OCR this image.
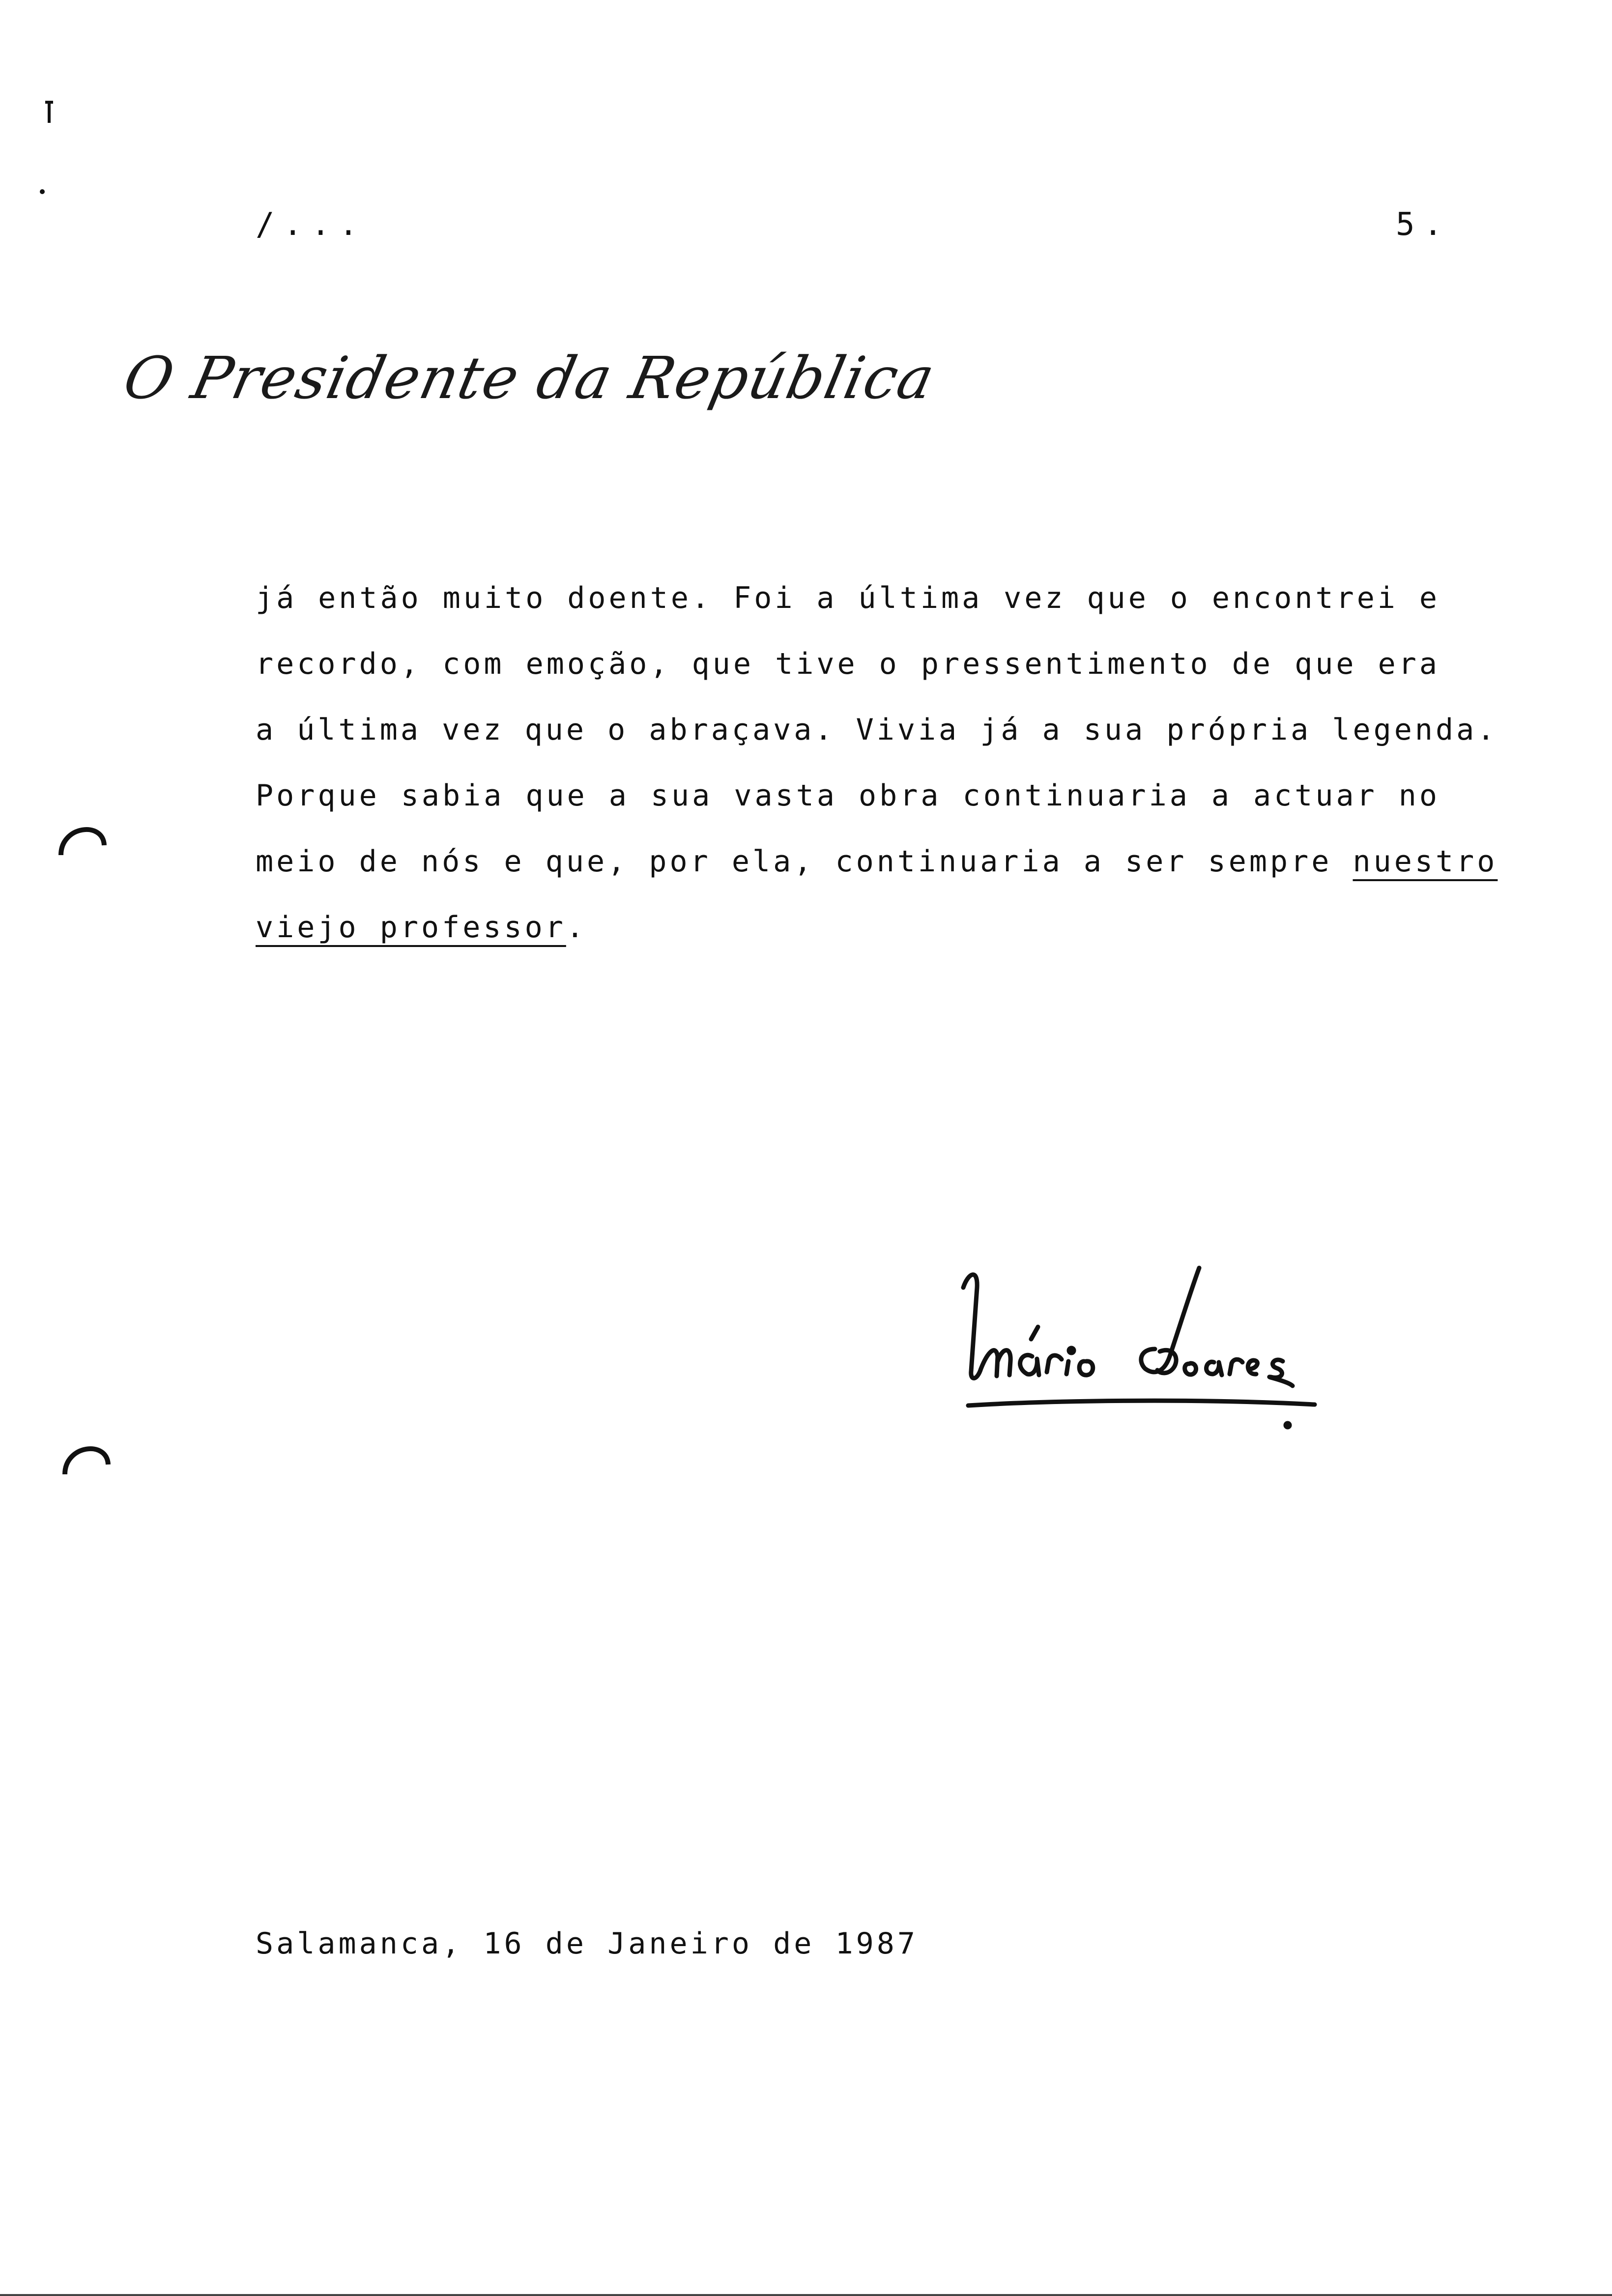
/...	5.
O Presidente da República
já então muito doente. Foi a última vez que o encontrei e
recordo, com emoção, que tive o pressentimento de que era
a última vez que o abraçava. Vivia já a sua própria legenda.
Porque sabia que a sua vasta obra continuaria a actuar no
meio de nós e que, por ela, continuaria a ser sempre nuestro
viejo professor.
Salamanca, 16 de Janeiro de 1987
